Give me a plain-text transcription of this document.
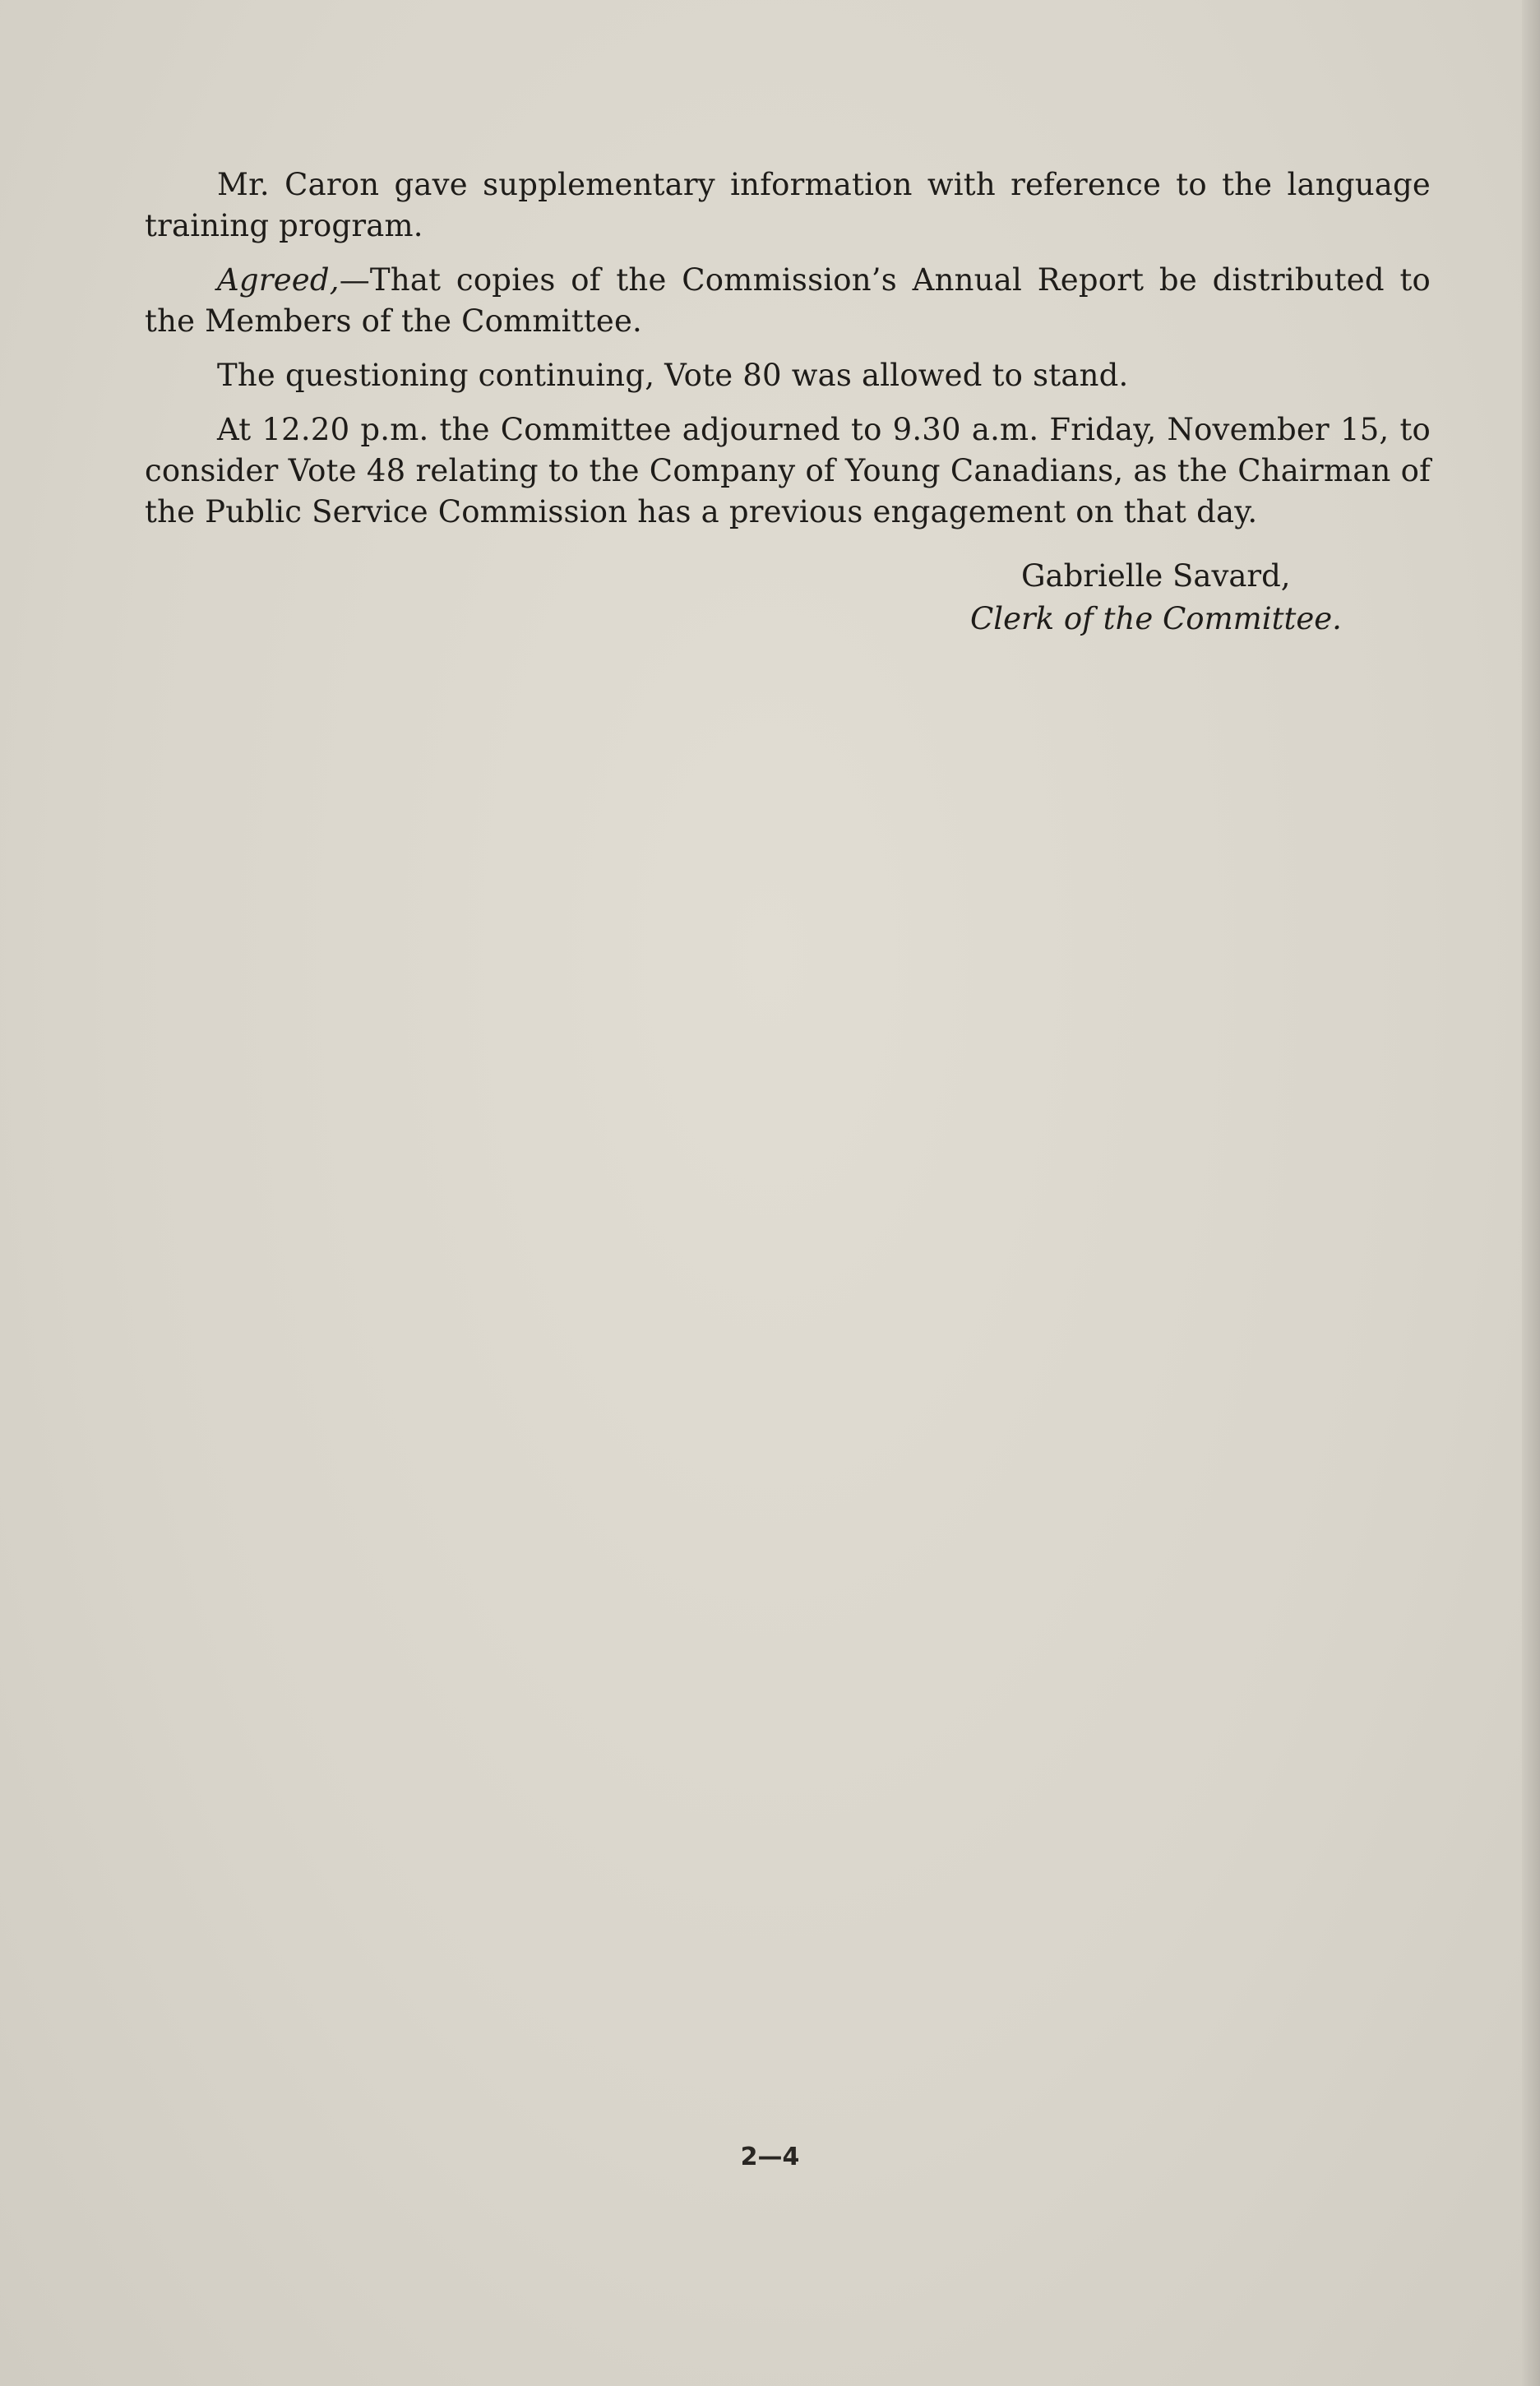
Mr. Caron gave supplementary information with reference to the language training program.

Agreed,—That copies of the Commission’s Annual Report be distributed to the Members of the Committee.

The questioning continuing, Vote 80 was allowed to stand.

At 12.20 p.m. the Committee adjourned to 9.30 a.m. Friday, November 15, to consider Vote 48 relating to the Company of Young Canadians, as the Chairman of the Public Service Commission has a previous engagement on that day.

Gabrielle Savard,
Clerk of the Committee.
2—4
